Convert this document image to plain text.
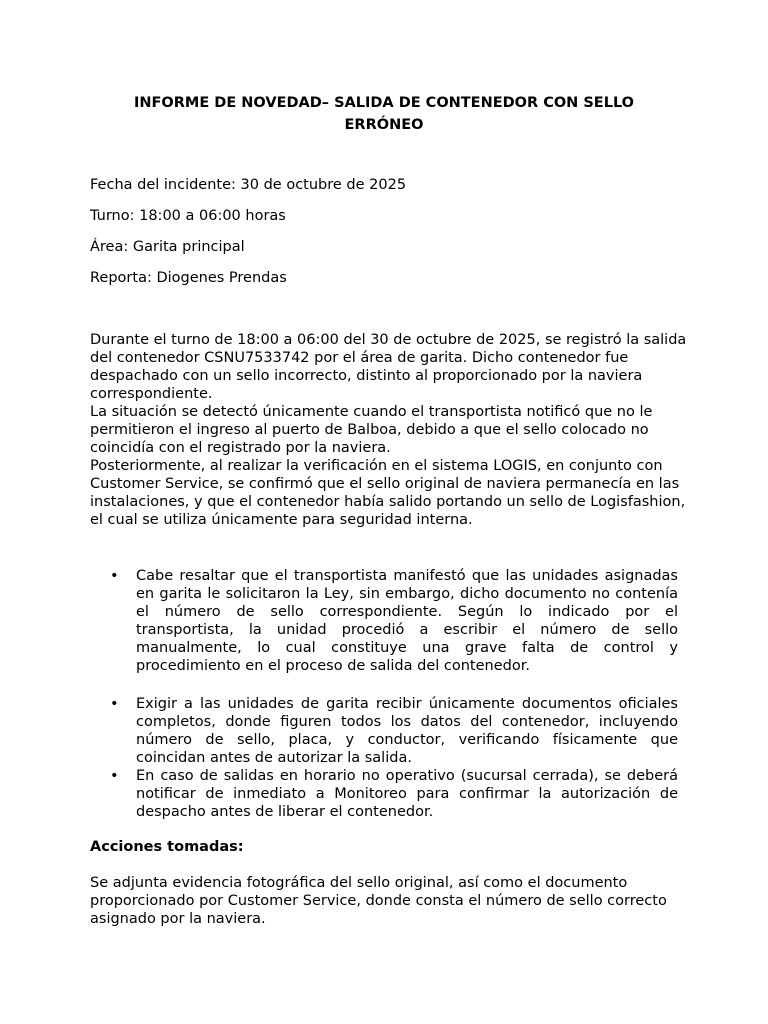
INFORME DE NOVEDAD– SALIDA DE CONTENEDOR CON SELLO ERRÓNEO

Fecha del incidente: 30 de octubre de 2025

Turno: 18:00 a 06:00 horas

Área: Garita principal

Reporta: Diogenes Prendas

Durante el turno de 18:00 a 06:00 del 30 de octubre de 2025, se registró la salida del contenedor CSNU7533742 por el área de garita. Dicho contenedor fue despachado con un sello incorrecto, distinto al proporcionado por la naviera correspondiente.
La situación se detectó únicamente cuando el transportista notificó que no le permitieron el ingreso al puerto de Balboa, debido a que el sello colocado no coincidía con el registrado por la naviera.
Posteriormente, al realizar la verificación en el sistema LOGIS, en conjunto con Customer Service, se confirmó que el sello original de naviera permanecía en las instalaciones, y que el contenedor había salido portando un sello de Logisfashion, el cual se utiliza únicamente para seguridad interna.
• Cabe resaltar que el transportista manifestó que las unidades asignadas en garita le solicitaron la Ley, sin embargo, dicho documento no contenía el número de sello correspondiente. Según lo indicado por el transportista, la unidad procedió a escribir el número de sello manualmente, lo cual constituye una grave falta de control y procedimiento en el proceso de salida del contenedor.
• Exigir a las unidades de garita recibir únicamente documentos oficiales completos, donde figuren todos los datos del contenedor, incluyendo número de sello, placa, y conductor, verificando físicamente que coincidan antes de autorizar la salida.
• En caso de salidas en horario no operativo (sucursal cerrada), se deberá notificar de inmediato a Monitoreo para confirmar la autorización de despacho antes de liberar el contenedor.

Acciones tomadas:

Se adjunta evidencia fotográfica del sello original, así como el documento proporcionado por Customer Service, donde consta el número de sello correcto asignado por la naviera.
